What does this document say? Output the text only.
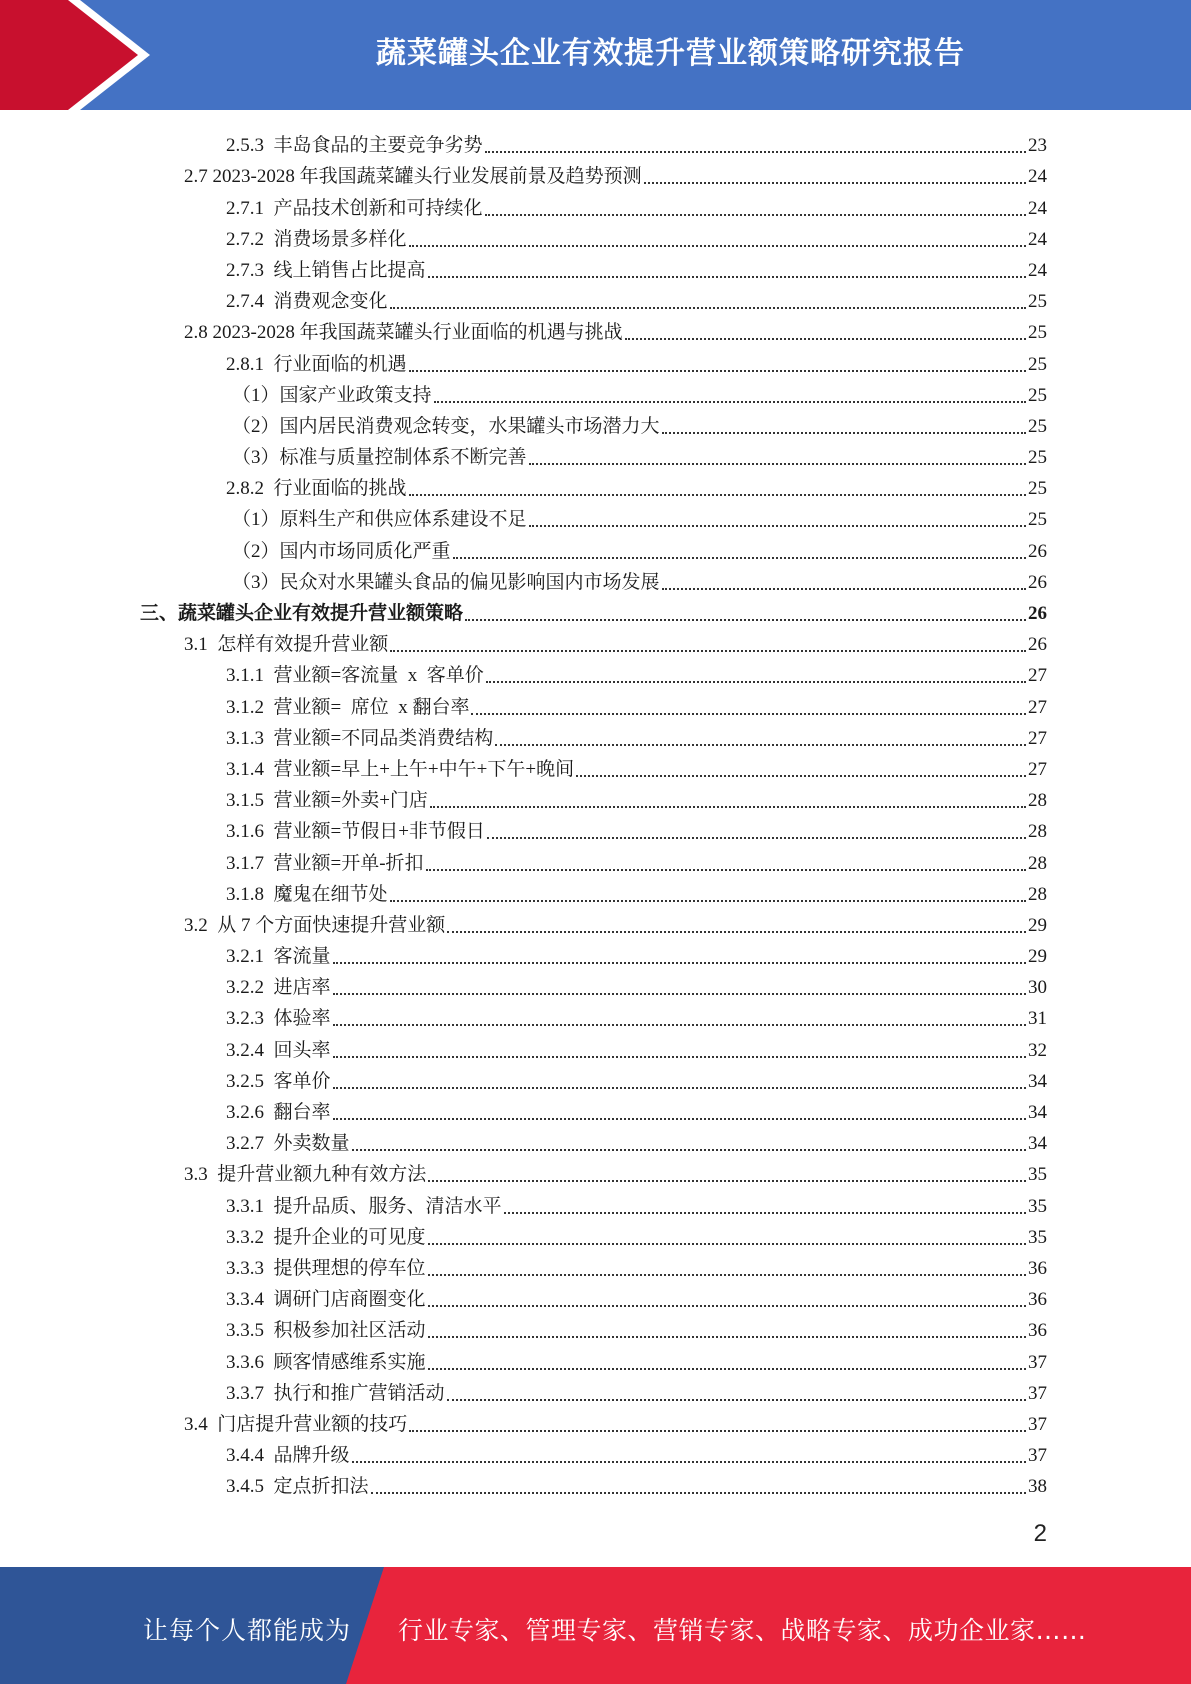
蔬菜罐头企业有效提升营业额策略研究报告
2.5.3  丰岛食品的主要竞争劣势	23
2.7 2023-2028 年我国蔬菜罐头行业发展前景及趋势预测	24
2.7.1  产品技术创新和可持续化	24
2.7.2  消费场景多样化	24
2.7.3  线上销售占比提高	24
2.7.4  消费观念变化	25
2.8 2023-2028 年我国蔬菜罐头行业面临的机遇与挑战	25
2.8.1  行业面临的机遇	25
（1）国家产业政策支持	25
（2）国内居民消费观念转变，水果罐头市场潜力大	25
（3）标准与质量控制体系不断完善	25
2.8.2  行业面临的挑战	25
（1）原料生产和供应体系建设不足	25
（2）国内市场同质化严重	26
（3）民众对水果罐头食品的偏见影响国内市场发展	26
三、蔬菜罐头企业有效提升营业额策略	26
3.1  怎样有效提升营业额	26
3.1.1  营业额=客流量  x  客单价	27
3.1.2  营业额=  席位  x 翻台率	27
3.1.3  营业额=不同品类消费结构	27
3.1.4  营业额=早上+上午+中午+下午+晚间	27
3.1.5  营业额=外卖+门店	28
3.1.6  营业额=节假日+非节假日	28
3.1.7  营业额=开单-折扣	28
3.1.8  魔鬼在细节处	28
3.2  从 7 个方面快速提升营业额	29
3.2.1  客流量	29
3.2.2  进店率	30
3.2.3  体验率	31
3.2.4  回头率	32
3.2.5  客单价	34
3.2.6  翻台率	34
3.2.7  外卖数量	34
3.3  提升营业额九种有效方法	35
3.3.1  提升品质、服务、清洁水平	35
3.3.2  提升企业的可见度	35
3.3.3  提供理想的停车位	36
3.3.4  调研门店商圈变化	36
3.3.5  积极参加社区活动	36
3.3.6  顾客情感维系实施	37
3.3.7  执行和推广营销活动	37
3.4  门店提升营业额的技巧	37
3.4.4  品牌升级	37
3.4.5  定点折扣法	38
2
让每个人都能成为 行业专家、管理专家、营销专家、战略专家、成功企业家……
